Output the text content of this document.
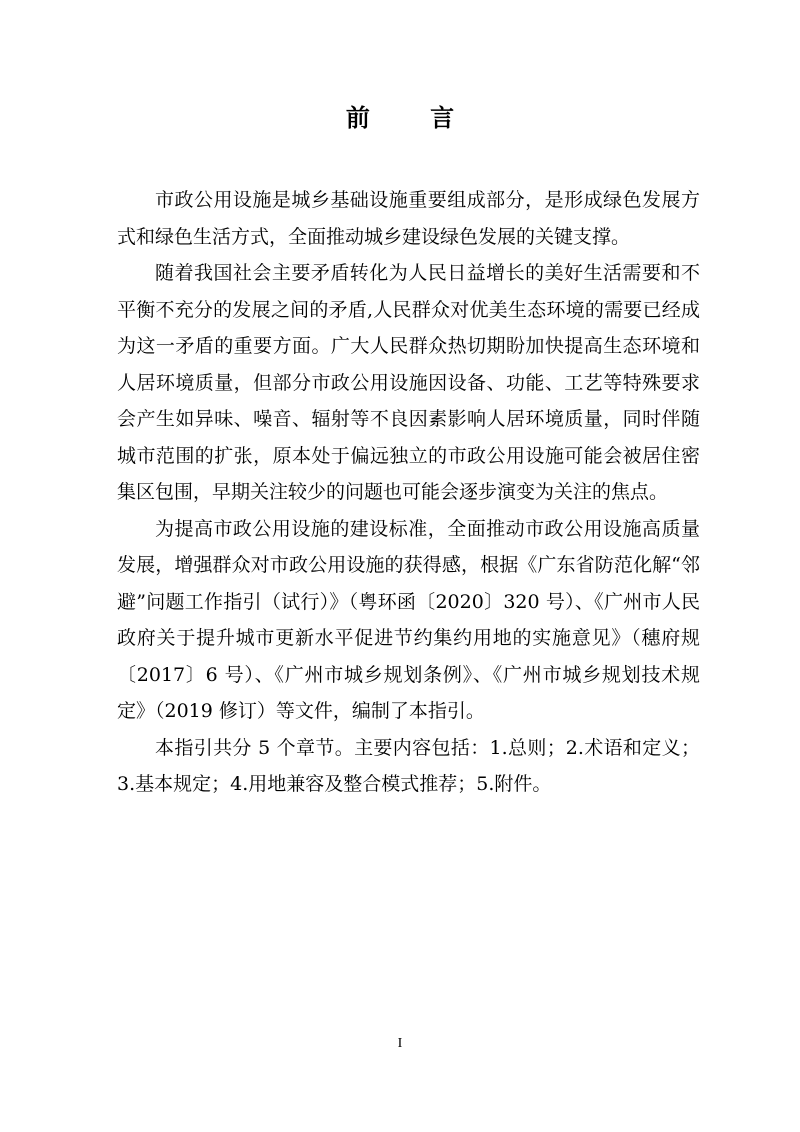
前 言

市政公用设施是城乡基础设施重要组成部分，是形成绿色发展方式和绿色生活方式，全面推动城乡建设绿色发展的关键支撑。

随着我国社会主要矛盾转化为人民日益增长的美好生活需要和不平衡不充分的发展之间的矛盾,人民群众对优美生态环境的需要已经成为这一矛盾的重要方面。广大人民群众热切期盼加快提高生态环境和人居环境质量，但部分市政公用设施因设备、功能、工艺等特殊要求会产生如异味、噪音、辐射等不良因素影响人居环境质量，同时伴随城市范围的扩张，原本处于偏远独立的市政公用设施可能会被居住密集区包围，早期关注较少的问题也可能会逐步演变为关注的焦点。

为提高市政公用设施的建设标准，全面推动市政公用设施高质量发展，增强群众对市政公用设施的获得感，根据《广东省防范化解“邻避”问题工作指引（试行）》（粤环函〔2020〕320 号）、《广州市人民政府关于提升城市更新水平促进节约集约用地的实施意见》（穗府规〔2017〕6 号）、《广州市城乡规划条例》、《广州市城乡规划技术规定》（2019 修订）等文件，编制了本指引。

本指引共分 5 个章节。主要内容包括：1.总则；2.术语和定义；3.基本规定；4.用地兼容及整合模式推荐；5.附件。

I
